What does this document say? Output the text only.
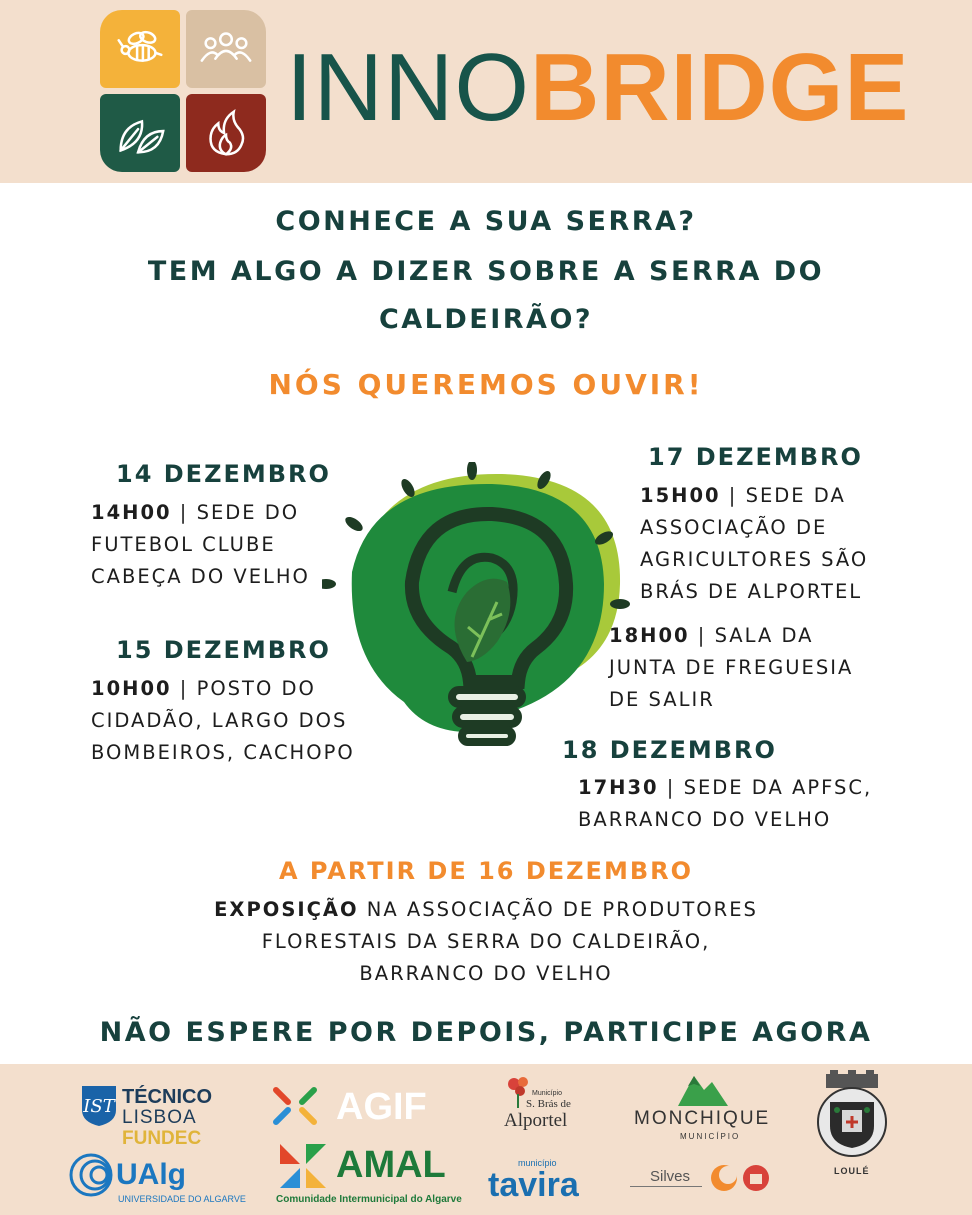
INNOBRIDGE
CONHECE A SUA SERRA?
TEM ALGO A DIZER SOBRE A SERRA DO
CALDEIRÃO?
NÓS QUEREMOS OUVIR!
14 DEZEMBRO
14H00 | SEDE DO
FUTEBOL CLUBE
CABEÇA DO VELHO
15 DEZEMBRO
10H00 | POSTO DO
CIDADÃO, LARGO DOS
BOMBEIROS, CACHOPO
17 DEZEMBRO
15H00 | SEDE DA
ASSOCIAÇÃO DE
AGRICULTORES SÃO
BRÁS DE ALPORTEL
18H00 | SALA DA
JUNTA DE FREGUESIA
DE SALIR
18 DEZEMBRO
17H30 | SEDE DA APFSC,
BARRANCO DO VELHO
A PARTIR DE 16 DEZEMBRO
EXPOSIÇÃO NA ASSOCIAÇÃO DE PRODUTORES
FLORESTAIS DA SERRA DO CALDEIRÃO,
BARRANCO DO VELHO
NÃO ESPERE POR DEPOIS, PARTICIPE AGORA
IST TÉCNICO
LISBOA
FUNDEC
UAlg
UNIVERSIDADE DO ALGARVE
AGIF
AMAL
Comunidade Intermunicipal do Algarve
Município
S. Brás de
Alportel
município
tavira
MONCHIQUE
MUNICÍPIO
Silves	LOULÉ
